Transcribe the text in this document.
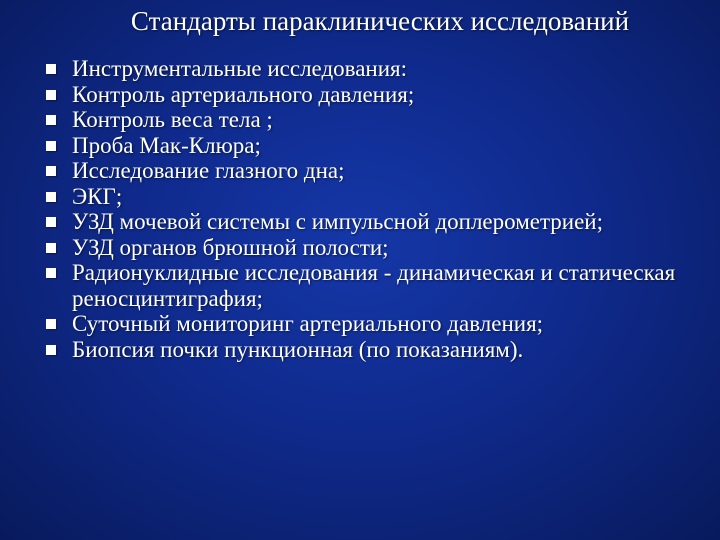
Стандарты параклинических исследований
Инструментальные исследования:
Контроль артериального давления;
Контроль веса тела ;
Проба Мак-Клюра;
Исследование глазного дна;
ЭКГ;
УЗД мочевой системы с импульсной доплерометрией;
УЗД органов брюшной полости;
Радионуклидные исследования - динамическая и статическая реносцинтиграфия;
Суточный мониторинг артериального давления;
Биопсия почки пункционная (по показаниям).
